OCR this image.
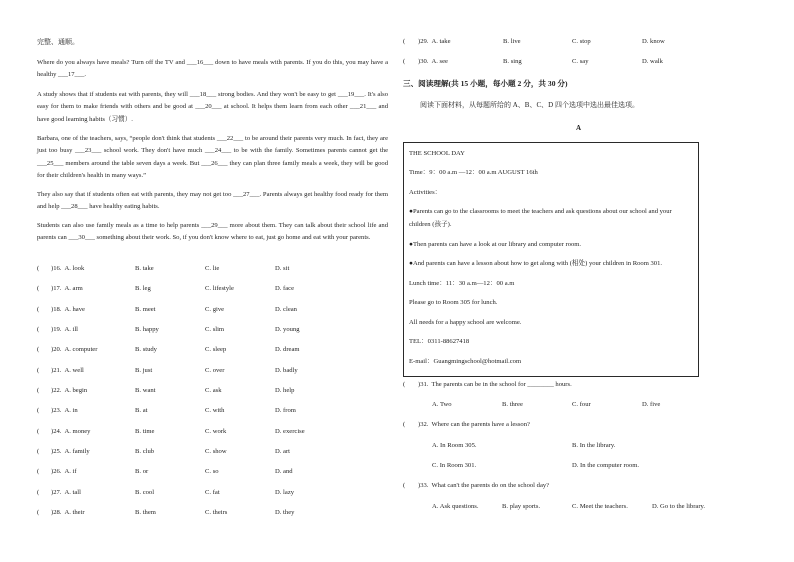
完整、通顺。
Where do you always have meals? Turn off the TV and ___16___ down to have meals with parents. If you do this, you may have a healthy ___17___.
A study shows that if students eat with parents, they will ___18___ strong bodies. And they won't be easy to get ___19___. It's also easy for them to make friends with others and be good at ___20___ at school. It helps them learn from each other ___21___ and have good learning habits（习惯）.
Barbara, one of the teachers, says, “people don't think that students ___22___ to be around their parents very much. In fact, they are just too busy ___23___ school work. They don't have much ___24___ to be with the family. Sometimes parents cannot get the ___25___ members around the table seven days a week. But ___26___ they can plan three family meals a week, they will be good for their children's health in many ways.”
They also say that if students often eat with parents, they may not get too ___27___. Parents always get healthy food ready for them and help ___28___ have healthy eating habits.
Students can also use family meals as a time to help parents ___29___ more about them. They can talk about their school life and parents can ___30___ something about their work. So, if you don't know where to eat, just go home and eat with your parents.
( )16. A. look	B. take	C. lie	D. sit
( )17. A. arm	B. leg	C. lifestyle	D. face
( )18. A. have	B. meet	C. give	D. clean
( )19. A. ill	B. happy	C. slim	D. young
( )20. A. computer	B. study	C. sleep	D. dream
( )21. A. well	B. just	C. over	D. badly
( )22. A. begin	B. want	C. ask	D. help
( )23. A. in	B. at	C. with	D. from
( )24. A. money	B. time	C. work	D. exercise
( )25. A. family	B. club	C. show	D. art
( )26. A. if	B. or	C. so	D. and
( )27. A. tall	B. cool	C. fat	D. lazy
( )28. A. their	B. them	C. theirs	D. they
三、阅读理解(共 15 小题，每小题 2 分，共 30 分)
阅读下面材料，从每题所给的 A、B、C、D 四个选项中选出最佳选项。
A
THE SCHOOL DAY
Time：9：00 a.m —12：00 a.m AUGUST 16th
Activities：
●Parents can go to the classrooms to meet the teachers and ask questions about our school and your children (孩子).
●Then parents can have a look at our library and computer room.
●And parents can have a lesson about how to get along with (相处) your children in Room 301.
Lunch time：11：30 a.m—12：00 a.m
Please go to Room 305 for lunch.
All needs for a happy school are welcome.
TEL：0311-88627418
E-mail：Guangmingschool@hotmail.com
( )29. A. take	B. live	C. stop	D. know
( )30. A. see	B. sing	C. say	D. walk
( )31. The parents can be in the school for ________ hours.
A. Two	B. three	C. four	D. five
( )32. Where can the parents have a lesson?
A. In Room 305.	B. In the library.
C. In Room 301.	D. In the computer room.
( )33. What can't the parents do on the school day?
A. Ask questions.	B. play sports.	C. Meet the teachers.	D. Go to the library.
